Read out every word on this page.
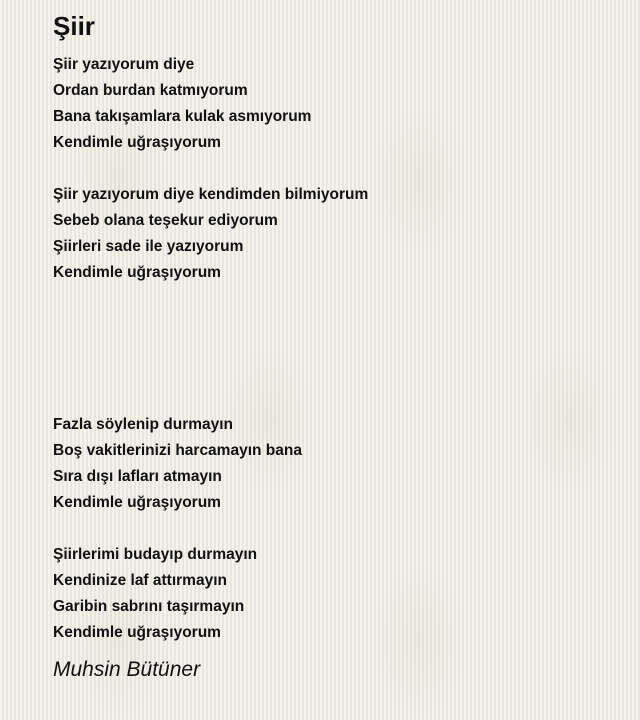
Şiir
Şiir yazıyorum diye
Ordan burdan katmıyorum
Bana takışamlara kulak asmıyorum
Kendimle uğraşıyorum
Şiir yazıyorum diye kendimden bilmiyorum
Sebeb olana teşekur ediyorum
Şiirleri sade ile yazıyorum
Kendimle uğraşıyorum
Fazla söylenip durmayın
Boş vakitlerinizi harcamayın bana
Sıra dışı lafları atmayın
Kendimle uğraşıyorum
Şiirlerimi budayıp durmayın
Kendinize laf attırmayın
Garibin sabrını taşırmayın
Kendimle uğraşıyorum
Muhsin Bütüner
